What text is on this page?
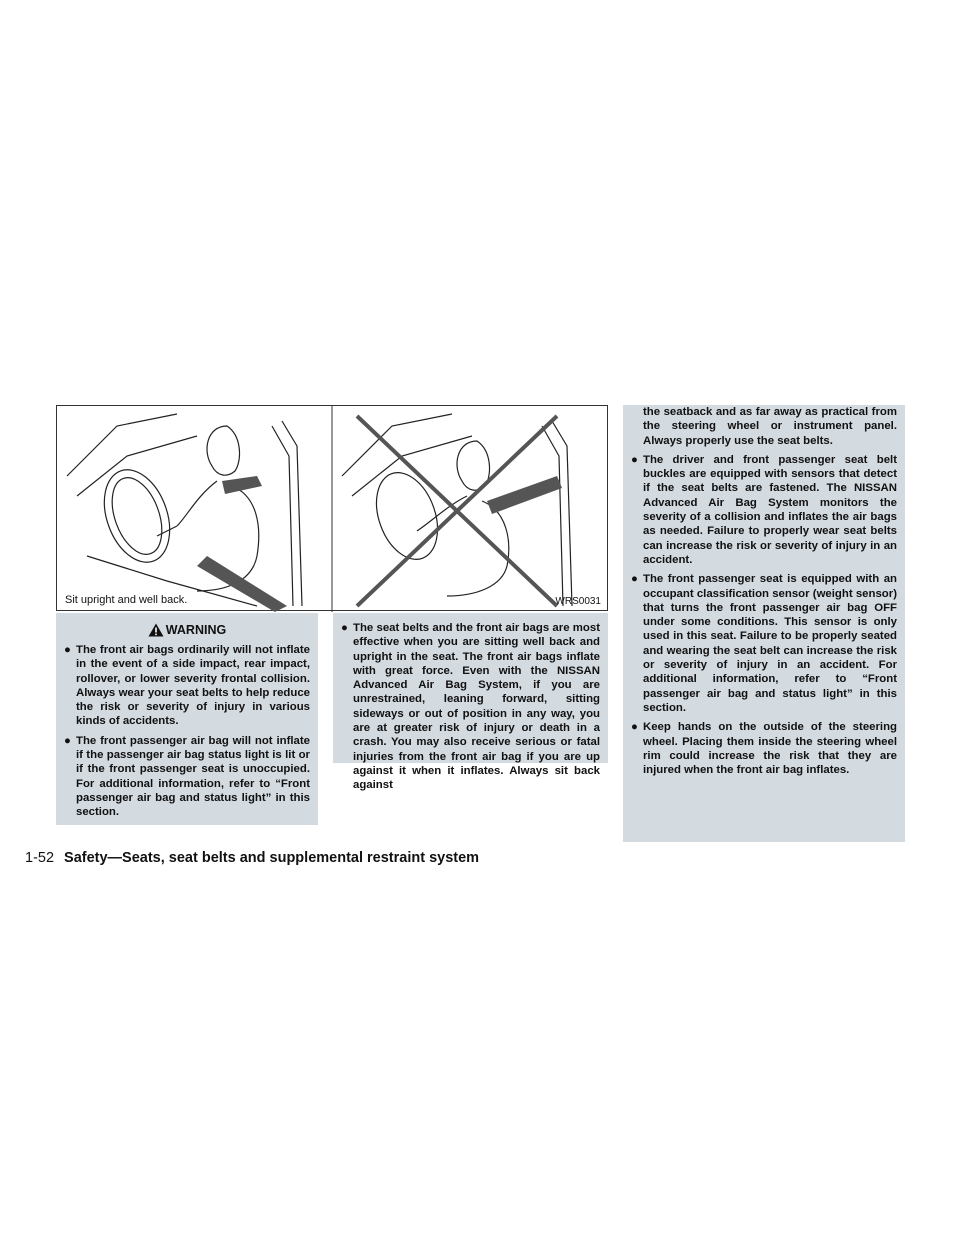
Sit upright and well back.	WRS0031
WARNING
● The front air bags ordinarily will not inflate in the event of a side impact, rear impact, rollover, or lower severity frontal collision. Always wear your seat belts to help reduce the risk or severity of injury in various kinds of accidents.
● The front passenger air bag will not inflate if the passenger air bag status light is lit or if the front passenger seat is unoccupied. For additional information, refer to “Front passenger air bag and status light” in this section.
● The seat belts and the front air bags are most effective when you are sitting well back and upright in the seat. The front air bags inflate with great force. Even with the NISSAN Advanced Air Bag System, if you are unrestrained, leaning forward, sitting sideways or out of position in any way, you are at greater risk of injury or death in a crash. You may also receive serious or fatal injuries from the front air bag if you are up against it when it inflates. Always sit back against
the seatback and as far away as practical from the steering wheel or instrument panel. Always properly use the seat belts.
● The driver and front passenger seat belt buckles are equipped with sensors that detect if the seat belts are fastened. The NISSAN Advanced Air Bag System monitors the severity of a collision and inflates the air bags as needed. Failure to properly wear seat belts can increase the risk or severity of injury in an accident.
● The front passenger seat is equipped with an occupant classification sensor (weight sensor) that turns the front passenger air bag OFF under some conditions. This sensor is only used in this seat. Failure to be properly seated and wearing the seat belt can increase the risk or severity of injury in an accident. For additional information, refer to “Front passenger air bag and status light” in this section.
● Keep hands on the outside of the steering wheel. Placing them inside the steering wheel rim could increase the risk that they are injured when the front air bag inflates.
1-52 Safety—Seats, seat belts and supplemental restraint system
